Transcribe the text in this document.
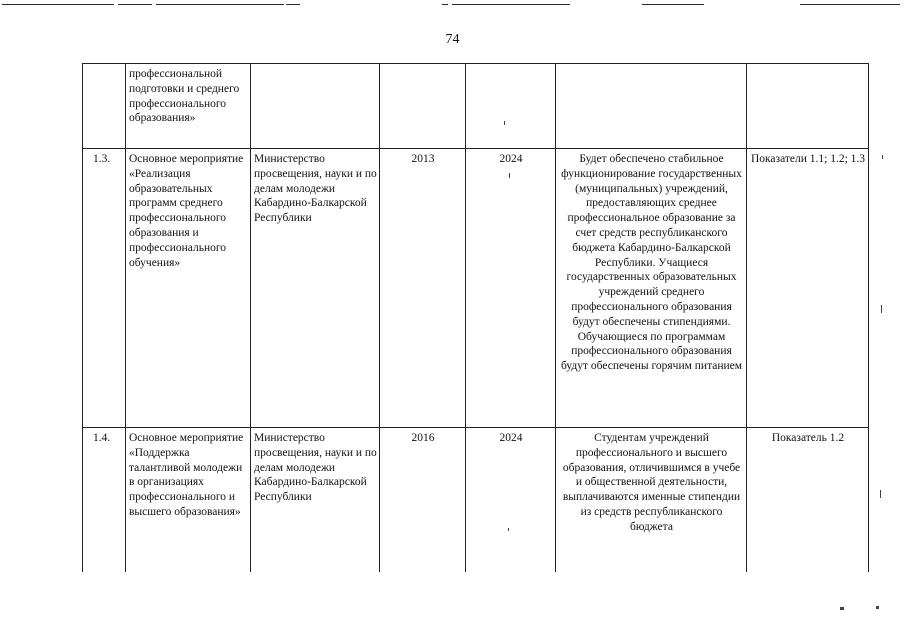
74
	профессиональной подготовки и среднего профессионального образования»					
1.3.	Основное мероприятие «Реализация образовательных программ среднего профессионального образования и профессионального обучения»	Министерство просвещения, науки и по делам молодежи Кабардино-Балкарской Республики	2013	2024	Будет обеспечено стабильное функционирование государственных (муниципальных) учреждений, предоставляющих среднее профессиональное образование за счет средств республиканского бюджета Кабардино-Балкарской Республики. Учащиеся государственных образовательных учреждений среднего профессионального образования будут обеспечены стипендиями. Обучающиеся по программам профессионального образования будут обеспечены горячим питанием	Показатели 1.1; 1.2; 1.3
1.4.	Основное мероприятие «Поддержка талантливой молодежи в организациях профессионального и высшего образования»	Министерство просвещения, науки и по делам молодежи Кабардино-Балкарской Республики	2016	2024	Студентам учреждений профессионального и высшего образования, отличившимся в учебе и общественной деятельности, выплачиваются именные стипендии из средств республиканского бюджета	Показатель 1.2
